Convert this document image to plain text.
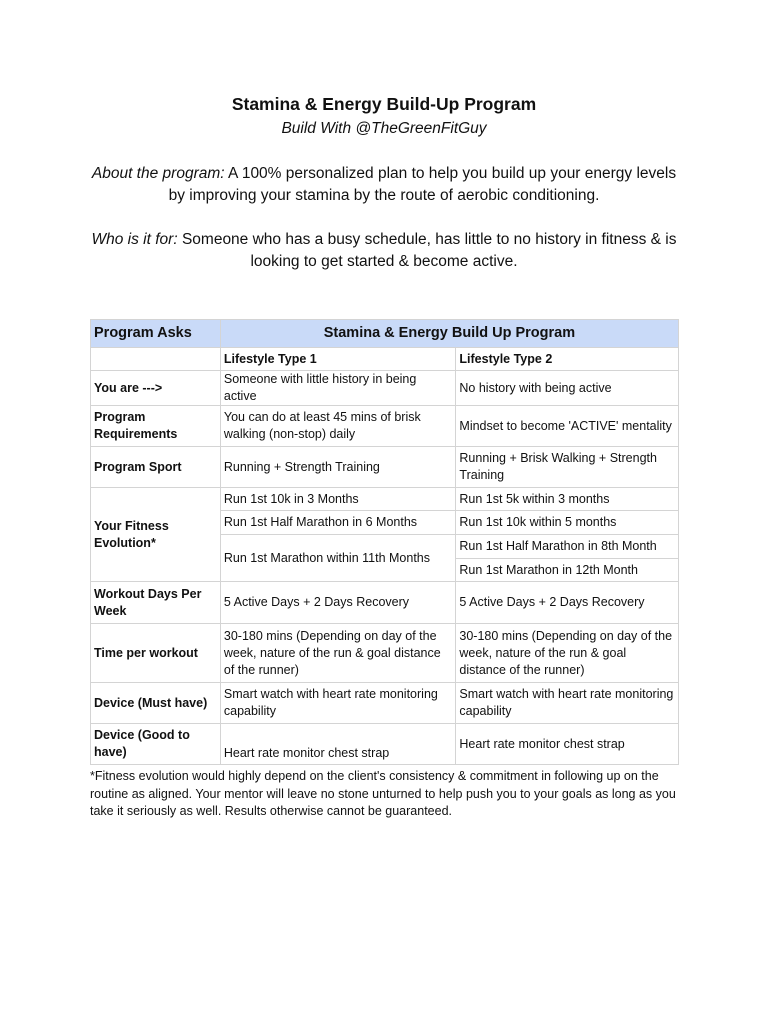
Stamina & Energy Build-Up Program
Build With @TheGreenFitGuy
About the program: A 100% personalized plan to help you build up your energy levels by improving your stamina by the route of aerobic conditioning.
Who is it for: Someone who has a busy schedule, has little to no history in fitness & is looking to get started & become active.
Program Asks	Stamina & Energy Build Up Program	
	Lifestyle Type 1	Lifestyle Type 2
You are --->	Someone with little history in being active	No history with being active
Program Requirements	You can do at least 45 mins of brisk walking (non-stop) daily	Mindset to become 'ACTIVE' mentality
Program Sport	Running + Strength Training	Running + Brisk Walking + Strength Training
Your Fitness Evolution*	Run 1st 10k in 3 Months	Run 1st 5k within 3 months
	Run 1st Half Marathon in 6 Months	Run 1st 10k within 5 months
	Run 1st Marathon within 11th Months	Run 1st Half Marathon in 8th Month
		Run 1st Marathon in 12th Month
Workout Days Per Week	5 Active Days + 2 Days Recovery	5 Active Days + 2 Days Recovery
Time per workout	30-180 mins (Depending on day of the week, nature of the run & goal distance of the runner)	30-180 mins (Depending on day of the week, nature of the run & goal distance of the runner)
Device (Must have)	Smart watch with heart rate monitoring capability	Smart watch with heart rate monitoring capability
Device (Good to have)	Heart rate monitor chest strap	Heart rate monitor chest strap
*Fitness evolution would highly depend on the client's consistency & commitment in following up on the routine as aligned. Your mentor will leave no stone unturned to help push you to your goals as long as you take it seriously as well. Results otherwise cannot be guaranteed.
